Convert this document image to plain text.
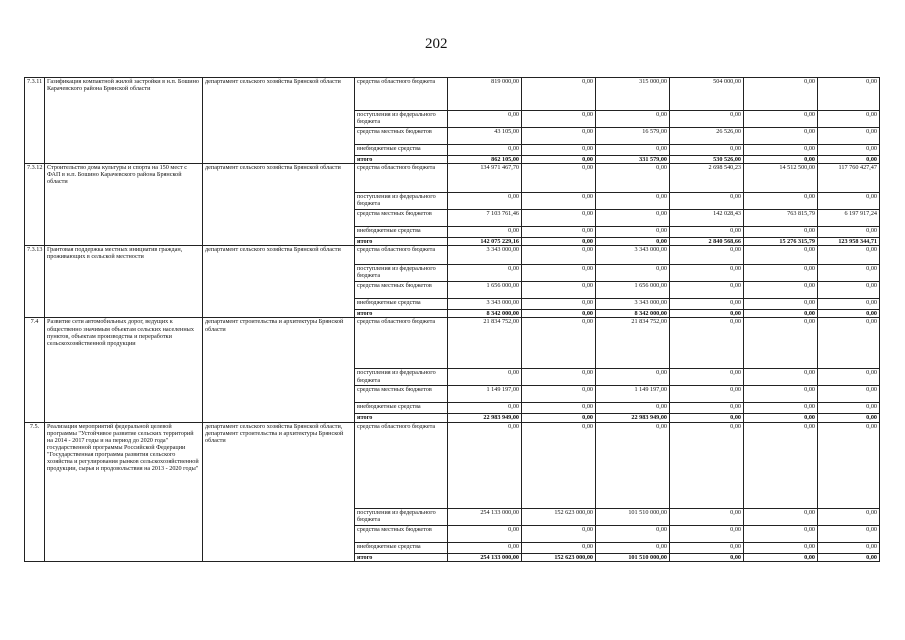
202
7.3.11	Газификация компактной жилой застройки в н.п. Бошино Карачевского района Брянской области	департамент сельского хозяйства Брянской области	средства областного бюджета	819 000,00	0,00	315 000,00	504 000,00	0,00	0,00
			поступления из федерального бюджета	0,00	0,00	0,00	0,00	0,00	0,00
			средства местных бюджетов	43 105,00	0,00	16 579,00	26 526,00	0,00	0,00
			внебюджетные средства	0,00	0,00	0,00	0,00	0,00	0,00
			итого	862 105,00	0,00	331 579,00	530 526,00	0,00	0,00
7.3.12	Строительство дома культуры и спорта на 150 мест с ФАП в н.п. Бошино Карачевского района Брянской области	департамент сельского хозяйства Брянской области	средства областного бюджета	134 971 467,70	0,00	0,00	2 698 540,23	14 512 500,00	117 760 427,47
			поступления из федерального бюджета	0,00	0,00	0,00	0,00	0,00	0,00
			средства местных бюджетов	7 103 761,46	0,00	0,00	142 028,43	763 815,79	6 197 917,24
			внебюджетные средства	0,00	0,00	0,00	0,00	0,00	0,00
			итого	142 075 229,16	0,00	0,00	2 840 568,66	15 276 315,79	123 958 344,71
7.3.13	Грантовая поддержка местных инициатив граждан, проживающих в сельской местности	департамент сельского хозяйства Брянской области	средства областного бюджета	3 343 000,00	0,00	3 343 000,00	0,00	0,00	0,00
			поступления из федерального бюджета	0,00	0,00	0,00	0,00	0,00	0,00
			средства местных бюджетов	1 656 000,00	0,00	1 656 000,00	0,00	0,00	0,00
			внебюджетные средства	3 343 000,00	0,00	3 343 000,00	0,00	0,00	0,00
			итого	8 342 000,00	0,00	8 342 000,00	0,00	0,00	0,00
7.4	Развитие сети автомобильных дорог, ведущих к общественно значимым объектам сельских населенных пунктов, объектам производства и переработки сельскохозяйственной продукции	департамент строительства и архитектуры Брянской области	средства областного бюджета	21 834 752,00	0,00	21 834 752,00	0,00	0,00	0,00
			поступления из федерального бюджета	0,00	0,00	0,00	0,00	0,00	0,00
			средства местных бюджетов	1 149 197,00	0,00	1 149 197,00	0,00	0,00	0,00
			внебюджетные средства	0,00	0,00	0,00	0,00	0,00	0,00
			итого	22 983 949,00	0,00	22 983 949,00	0,00	0,00	0,00
7.5.	Реализация мероприятий федеральной целевой программы "Устойчивое развитие сельских территорий на 2014 - 2017 годы и на период до 2020 года" государственной программы Российской Федерации "Государственная программа развития сельского хозяйства и регулирования рынков сельскохозяйственной продукции, сырья и продовольствия на 2013 - 2020 годы"	департамент сельского хозяйства Брянской области, департамент строительства и архитектуры Брянской области	средства областного бюджета	0,00	0,00	0,00	0,00	0,00	0,00
			поступления из федерального бюджета	254 133 000,00	152 623 000,00	101 510 000,00	0,00	0,00	0,00
			средства местных бюджетов	0,00	0,00	0,00	0,00	0,00	0,00
			внебюджетные средства	0,00	0,00	0,00	0,00	0,00	0,00
			итого	254 133 000,00	152 623 000,00	101 510 000,00	0,00	0,00	0,00
